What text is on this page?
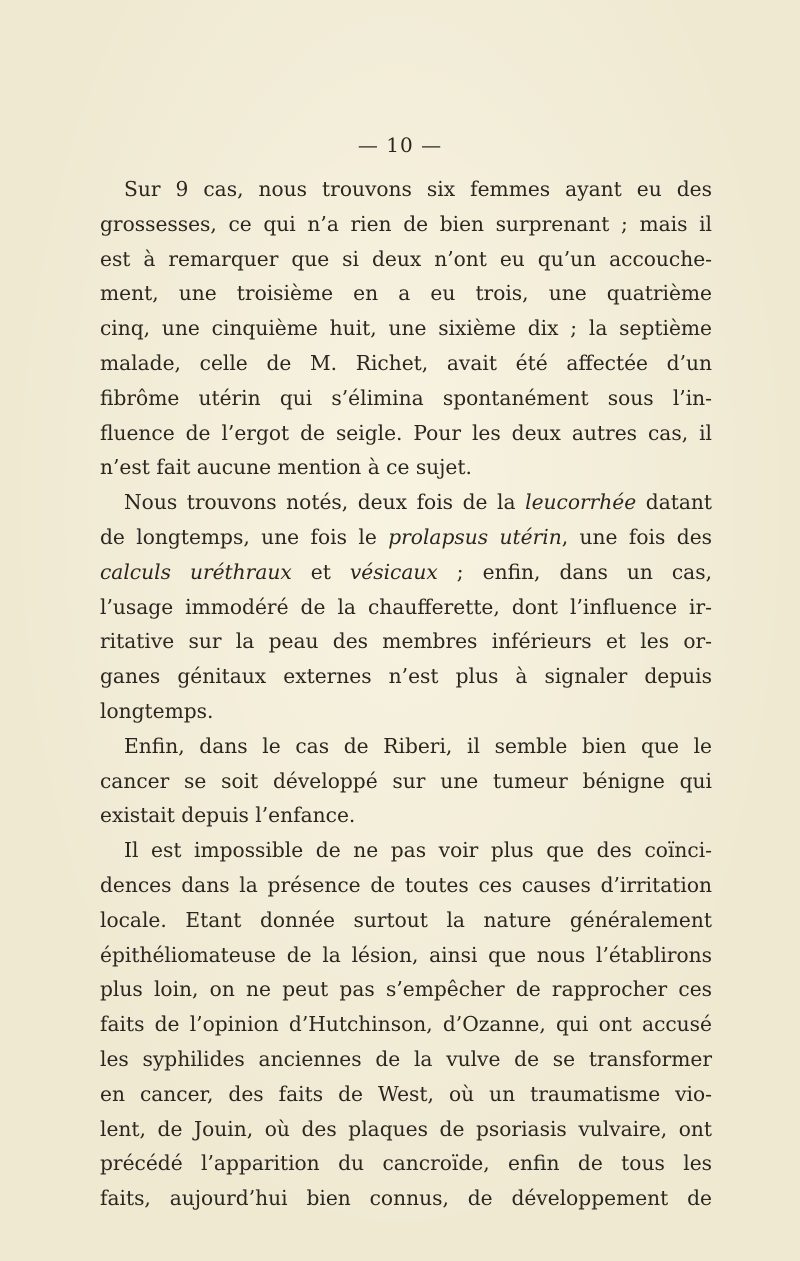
— 10 —
Sur 9 cas, nous trouvons six femmes ayant eu des
grossesses, ce qui n’a rien de bien surprenant ; mais il
est à remarquer que si deux n’ont eu qu’un accouche-
ment, une troisième en a eu trois, une quatrième
cinq, une cinquième huit, une sixième dix ; la septième
malade, celle de M. Richet, avait été affectée d’un
fibrôme utérin qui s’élimina spontanément sous l’in-
fluence de l’ergot de seigle. Pour les deux autres cas, il
n’est fait aucune mention à ce sujet.
Nous trouvons notés, deux fois de la leucorrhée datant
de longtemps, une fois le prolapsus utérin, une fois des
calculs uréthraux et vésicaux ; enfin, dans un cas,
l’usage immodéré de la chaufferette, dont l’influence ir-
ritative sur la peau des membres inférieurs et les or-
ganes génitaux externes n’est plus à signaler depuis
longtemps.
Enfin, dans le cas de Riberi, il semble bien que le
cancer se soit développé sur une tumeur bénigne qui
existait depuis l’enfance.
Il est impossible de ne pas voir plus que des coïnci-
dences dans la présence de toutes ces causes d’irritation
locale. Etant donnée surtout la nature généralement
épithéliomateuse de la lésion, ainsi que nous l’établirons
plus loin, on ne peut pas s’empêcher de rapprocher ces
faits de l’opinion d’Hutchinson, d’Ozanne, qui ont accusé
les syphilides anciennes de la vulve de se transformer
en cancer, des faits de West, où un traumatisme vio-
lent, de Jouin, où des plaques de psoriasis vulvaire, ont
précédé l’apparition du cancroïde, enfin de tous les
faits, aujourd’hui bien connus, de développement de
